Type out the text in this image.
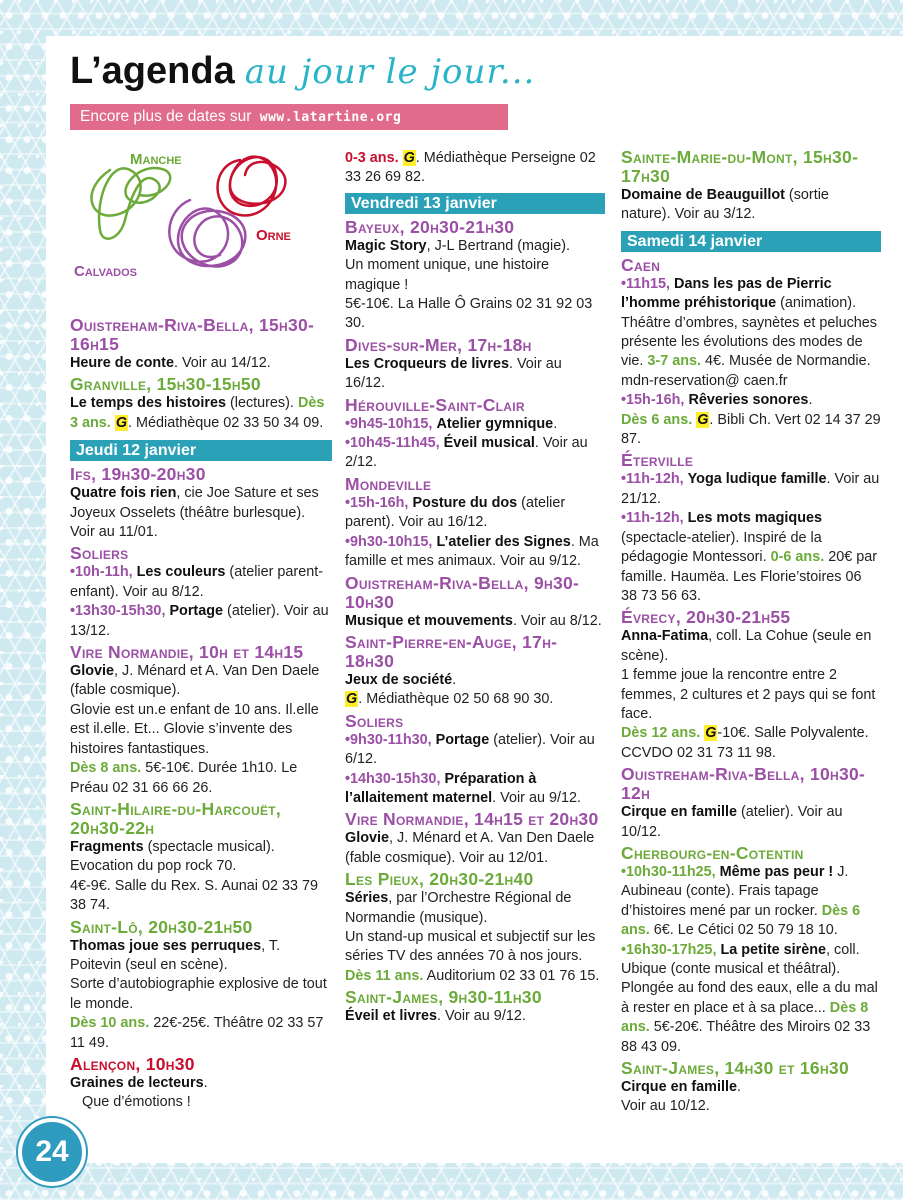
L’agenda au jour le jour...
Encore plus de dates sur www.latartine.org
Manche
Orne
Calvados
Ouistreham-Riva-Bella, 15h30-16h15

Heure de conte. Voir au 14/12.

Granville, 15h30-15h50

Le temps des histoires (lectures). Dès 3 ans. G. Médiathèque 02 33 50 34 09.

Jeudi 12 janvier
Ifs, 19h30-20h30

Quatre fois rien, cie Joe Sature et ses Joyeux Osselets (théâtre burlesque). Voir au 11/01.

Soliers

•10h-11h, Les couleurs (atelier parent-enfant). Voir au 8/12.

•13h30-15h30, Portage (atelier). Voir au 13/12.

Vire Normandie, 10h et 14h15

Glovie, J. Ménard et A. Van Den Daele (fable cosmique).

Glovie est un.e enfant de 10 ans. Il.elle est il.elle. Et... Glovie s’invente des histoires fantastiques.

Dès 8 ans. 5€-10€. Durée 1h10. Le Préau 02 31 66 66 26.

Saint-Hilaire-du-Harcouët, 20h30-22h

Fragments (spectacle musical).

Evocation du pop rock 70.

4€-9€. Salle du Rex. S. Aunai 02 33 79 38 74.

Saint-Lô, 20h30-21h50

Thomas joue ses perruques, T. Poitevin (seul en scène).

Sorte d’autobiographie explosive de tout le monde.

Dès 10 ans. 22€-25€. Théâtre 02 33 57 11 49.

Alençon, 10h30

Graines de lecteurs.

Que d’émotions !

0-3 ans. G. Médiathèque Perseigne 02 33 26 69 82.

Vendredi 13 janvier
Bayeux, 20h30-21h30

Magic Story, J-L Bertrand (magie).

Un moment unique, une histoire magique !

5€-10€. La Halle Ô Grains 02 31 92 03 30.

Dives-sur-Mer, 17h-18h

Les Croqueurs de livres. Voir au 16/12.

Hérouville-Saint-Clair

•9h45-10h15, Atelier gymnique.

•10h45-11h45, Éveil musical. Voir au 2/12.

Mondeville

•15h-16h, Posture du dos (atelier parent). Voir au 16/12.

•9h30-10h15, L’atelier des Signes. Ma famille et mes animaux. Voir au 9/12.

Ouistreham-Riva-Bella, 9h30-10h30

Musique et mouvements. Voir au 8/12.

Saint-Pierre-en-Auge, 17h-18h30

Jeux de société.

G. Médiathèque 02 50 68 90 30.

Soliers

•9h30-11h30, Portage (atelier). Voir au 6/12.

•14h30-15h30, Préparation à l’allaitement maternel. Voir au 9/12.

Vire Normandie, 14h15 et 20h30

Glovie, J. Ménard et A. Van Den Daele (fable cosmique). Voir au 12/01.

Les Pieux, 20h30-21h40

Séries, par l’Orchestre Régional de Normandie (musique).

Un stand-up musical et subjectif sur les séries TV des années 70 à nos jours.

Dès 11 ans. Auditorium 02 33 01 76 15.

Saint-James, 9h30-11h30

Éveil et livres. Voir au 9/12.

Sainte-Marie-du-Mont, 15h30-17h30

Domaine de Beauguillot (sortie nature). Voir au 3/12.

Samedi 14 janvier
Caen

•11h15, Dans les pas de Pierric l’homme préhistorique (animation).

Théâtre d’ombres, saynètes et peluches présente les évolutions des modes de vie. 3-7 ans. 4€. Musée de Normandie. mdn-reservation@ caen.fr

•15h-16h, Rêveries sonores.

Dès 6 ans. G. Bibli Ch. Vert 02 14 37 29 87.

Éterville

•11h-12h, Yoga ludique famille. Voir au 21/12.

•11h-12h, Les mots magiques (spectacle-atelier). Inspiré de la pédagogie Montessori. 0-6 ans. 20€ par famille. Haumëa. Les Florie’stoires 06 38 73 56 63.

Évrecy, 20h30-21h55

Anna-Fatima, coll. La Cohue (seule en scène).

1 femme joue la rencontre entre 2 femmes, 2 cultures et 2 pays qui se font face.

Dès 12 ans. G-10€. Salle Polyvalente. CCVDO 02 31 73 11 98.

Ouistreham-Riva-Bella, 10h30-12h

Cirque en famille (atelier). Voir au 10/12.

Cherbourg-en-Cotentin

•10h30-11h25, Même pas peur ! J. Aubineau (conte). Frais tapage d’histoires mené par un rocker. Dès 6 ans. 6€. Le Cétici 02 50 79 18 10.

•16h30-17h25, La petite sirène, coll. Ubique (conte musical et théâtral). Plongée au fond des eaux, elle a du mal à rester en place et à sa place... Dès 8 ans. 5€-20€. Théâtre des Miroirs 02 33 88 43 09.

Saint-James, 14h30 et 16h30

Cirque en famille.

Voir au 10/12.

24
